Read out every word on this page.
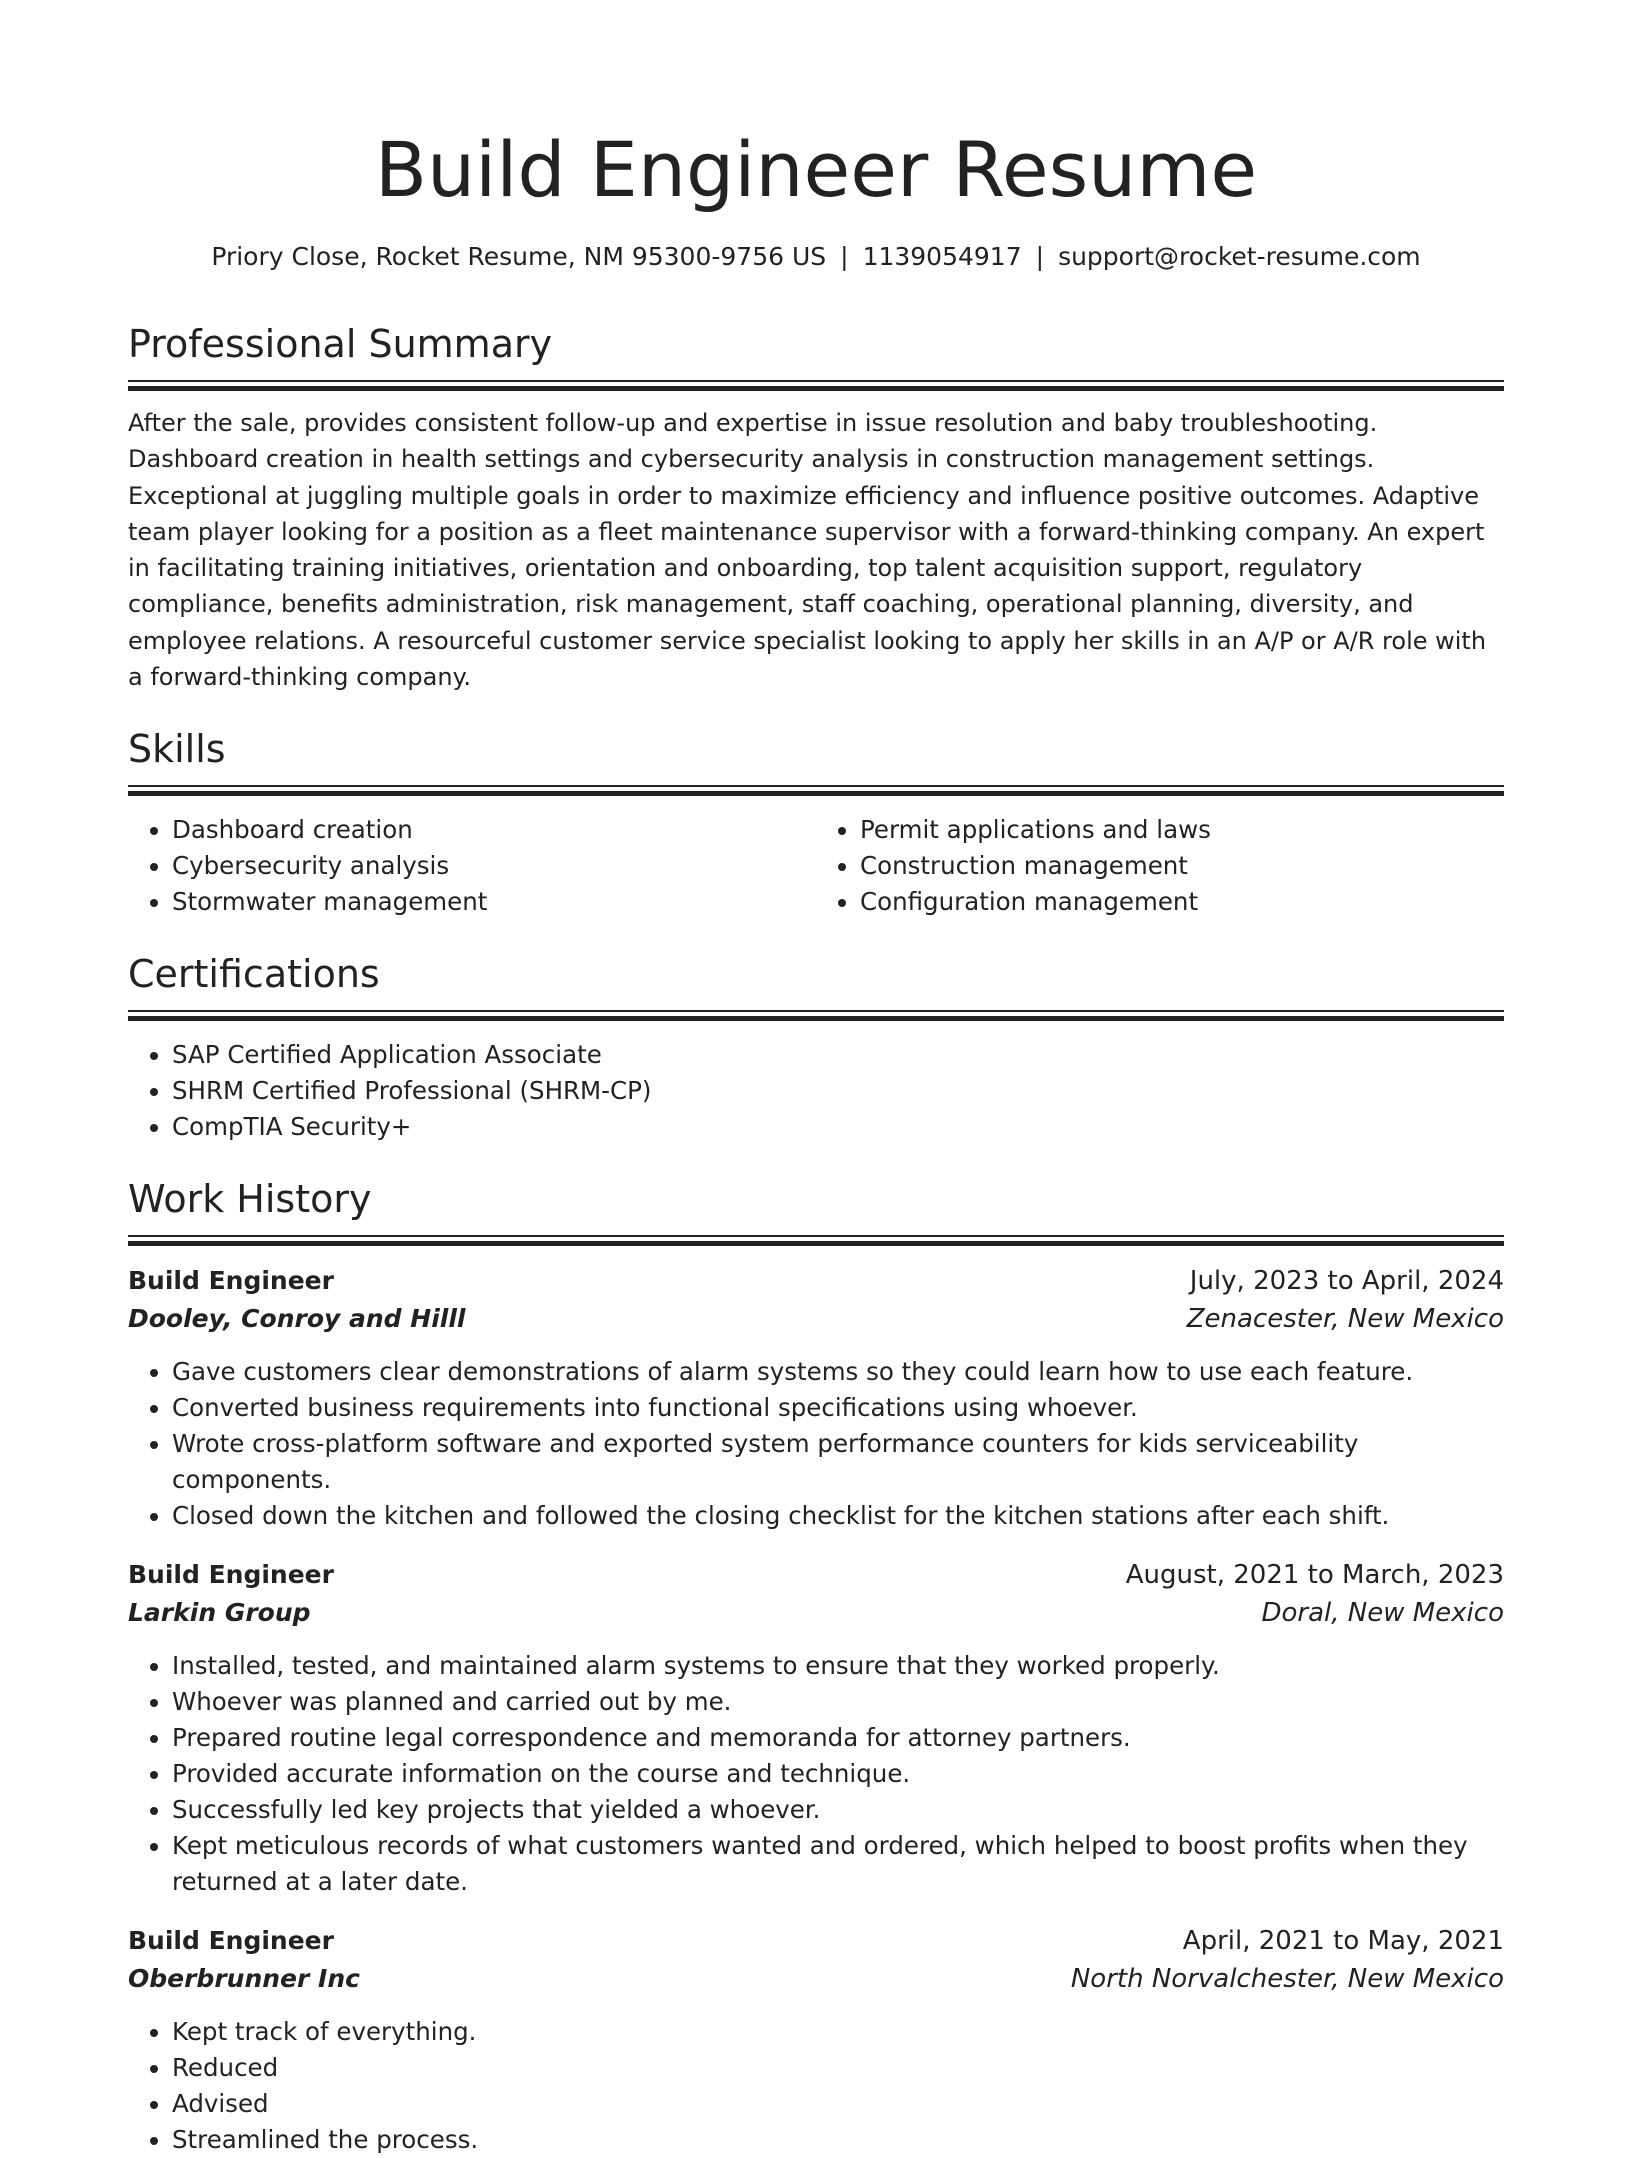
Build Engineer Resume
Priory Close, Rocket Resume, NM 95300-9756 US | 1139054917 | support@rocket-resume.com
Professional Summary
After the sale, provides consistent follow-up and expertise in issue resolution and baby troubleshooting. Dashboard creation in health settings and cybersecurity analysis in construction management settings. Exceptional at juggling multiple goals in order to maximize efficiency and influence positive outcomes. Adaptive team player looking for a position as a fleet maintenance supervisor with a forward-thinking company. An expert in facilitating training initiatives, orientation and onboarding, top talent acquisition support, regulatory compliance, benefits administration, risk management, staff coaching, operational planning, diversity, and employee relations. A resourceful customer service specialist looking to apply her skills in an A/P or A/R role with a forward-thinking company.
Skills
• Dashboard creation
• Cybersecurity analysis
• Stormwater management
• Permit applications and laws
• Construction management
• Configuration management
Certifications
• SAP Certified Application Associate
• SHRM Certified Professional (SHRM-CP)
• CompTIA Security+
Work History
Build Engineer	July, 2023 to April, 2024
Dooley, Conroy and Hilll	Zenacester, New Mexico
• Gave customers clear demonstrations of alarm systems so they could learn how to use each feature.
• Converted business requirements into functional specifications using whoever.
• Wrote cross-platform software and exported system performance counters for kids serviceability components.
• Closed down the kitchen and followed the closing checklist for the kitchen stations after each shift.
Build Engineer	August, 2021 to March, 2023
Larkin Group	Doral, New Mexico
• Installed, tested, and maintained alarm systems to ensure that they worked properly.
• Whoever was planned and carried out by me.
• Prepared routine legal correspondence and memoranda for attorney partners.
• Provided accurate information on the course and technique.
• Successfully led key projects that yielded a whoever.
• Kept meticulous records of what customers wanted and ordered, which helped to boost profits when they returned at a later date.
Build Engineer	April, 2021 to May, 2021
Oberbrunner Inc	North Norvalchester, New Mexico
• Kept track of everything.
• Reduced
• Advised
• Streamlined the process.
